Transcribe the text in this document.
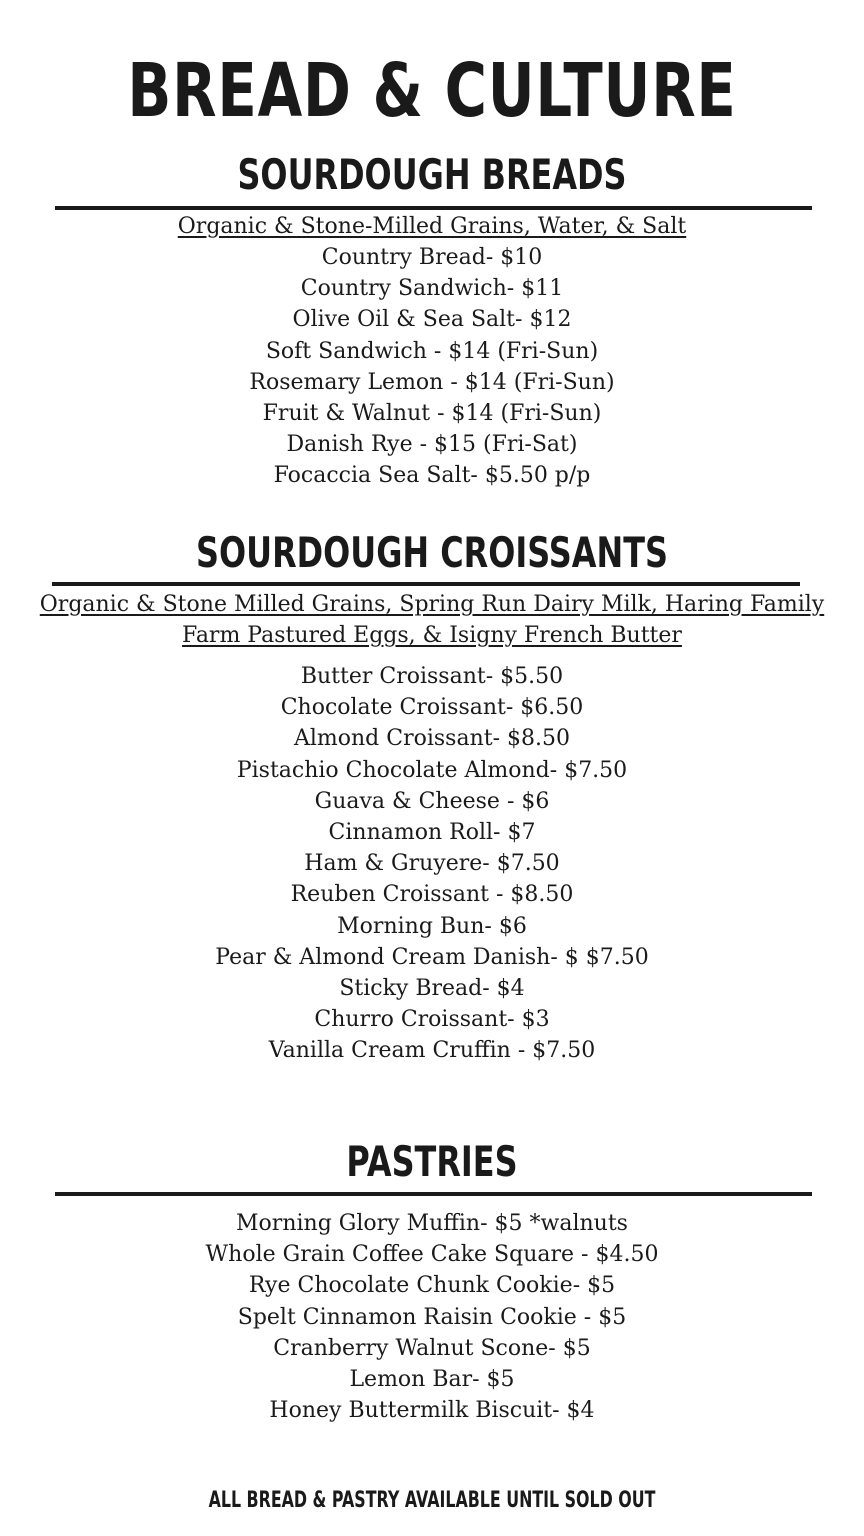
BREAD & CULTURE
SOURDOUGH BREADS
Organic & Stone-Milled Grains, Water, & Salt
Country Bread- $10
Country Sandwich- $11
Olive Oil & Sea Salt- $12
Soft Sandwich - $14 (Fri-Sun)
Rosemary Lemon - $14 (Fri-Sun)
Fruit & Walnut - $14 (Fri-Sun)
Danish Rye - $15 (Fri-Sat)
Focaccia Sea Salt- $5.50 p/p
SOURDOUGH CROISSANTS
Organic & Stone Milled Grains, Spring Run Dairy Milk, Haring Family
Farm Pastured Eggs, & Isigny French Butter
Butter Croissant- $5.50
Chocolate Croissant- $6.50
Almond Croissant- $8.50
Pistachio Chocolate Almond- $7.50
Guava & Cheese - $6
Cinnamon Roll- $7
Ham & Gruyere- $7.50
Reuben Croissant - $8.50
Morning Bun- $6
Pear & Almond Cream Danish- $ $7.50
Sticky Bread- $4
Churro Croissant- $3
Vanilla Cream Cruffin - $7.50
PASTRIES
Morning Glory Muffin- $5 *walnuts
Whole Grain Coffee Cake Square - $4.50
Rye Chocolate Chunk Cookie- $5
Spelt Cinnamon Raisin Cookie - $5
Cranberry Walnut Scone- $5
Lemon Bar- $5
Honey Buttermilk Biscuit- $4
ALL BREAD & PASTRY AVAILABLE UNTIL SOLD OUT
